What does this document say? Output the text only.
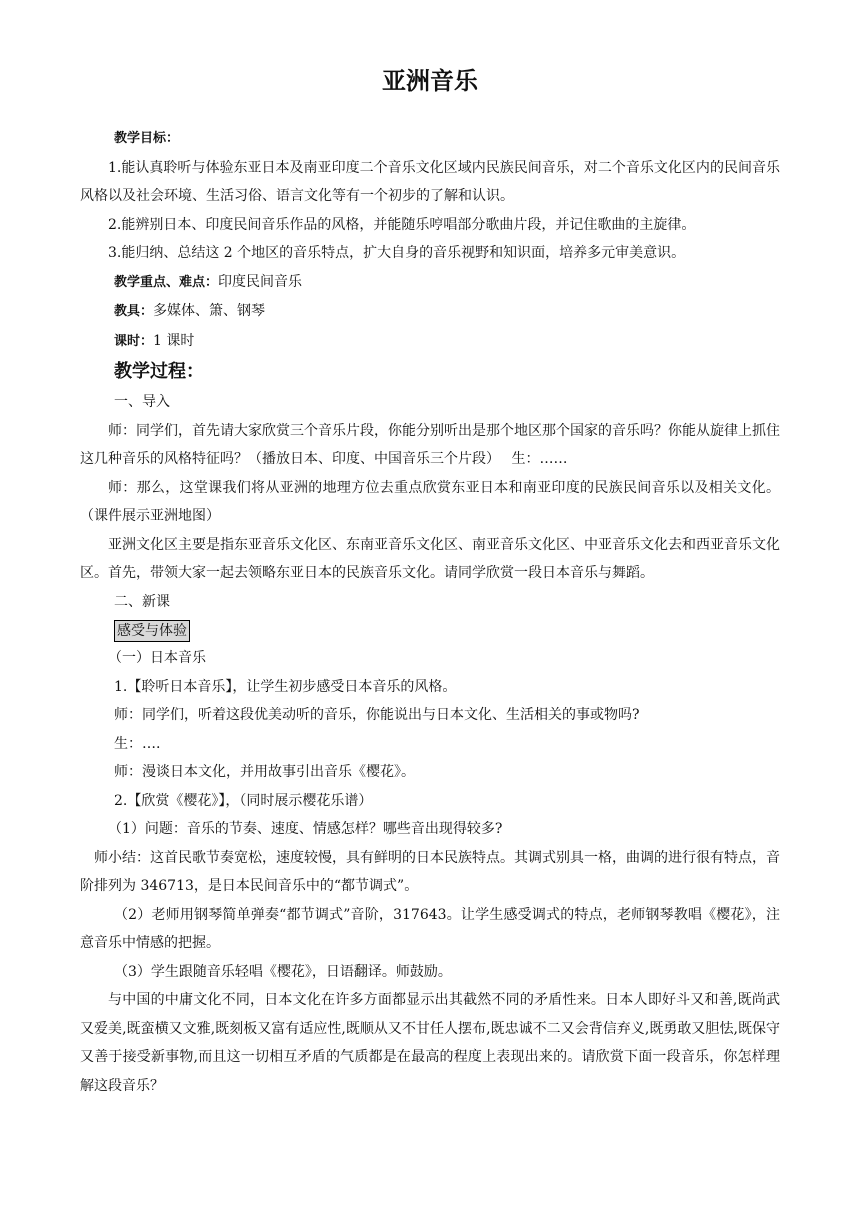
亚洲音乐

教学目标：

1.能认真聆听与体验东亚日本及南亚印度二个音乐文化区域内民族民间音乐，对二个音乐文化区内的民间音乐风格以及社会环境、生活习俗、语言文化等有一个初步的了解和认识。

2.能辨别日本、印度民间音乐作品的风格，并能随乐哼唱部分歌曲片段，并记住歌曲的主旋律。

3.能归纳、总结这 2 个地区的音乐特点，扩大自身的音乐视野和知识面，培养多元审美意识。

教学重点、难点：印度民间音乐

教具：多媒体、箫、钢琴

课时：1 课时

教学过程：

一、导入

师：同学们，首先请大家欣赏三个音乐片段，你能分别听出是那个地区那个国家的音乐吗？你能从旋律上抓住这几种音乐的风格特征吗？（播放日本、印度、中国音乐三个片段）　 生：……

师：那么，这堂课我们将从亚洲的地理方位去重点欣赏东亚日本和南亚印度的民族民间音乐以及相关文化。（课件展示亚洲地图）

亚洲文化区主要是指东亚音乐文化区、东南亚音乐文化区、南亚音乐文化区、中亚音乐文化去和西亚音乐文化区。首先，带领大家一起去领略东亚日本的民族音乐文化。请同学欣赏一段日本音乐与舞蹈。

二、新课

感受与体验

（一）日本音乐

1.【聆听日本音乐】，让学生初步感受日本音乐的风格。

师：同学们，听着这段优美动听的音乐，你能说出与日本文化、生活相关的事或物吗?

生：….

师：漫谈日本文化，并用故事引出音乐《樱花》。

2.【欣赏《樱花》】，（同时展示樱花乐谱）

（1）问题：音乐的节奏、速度、情感怎样？哪些音出现得较多?

师小结：这首民歌节奏宽松，速度较慢，具有鲜明的日本民族特点。其调式别具一格，曲调的进行很有特点，音阶排列为 346713，是日本民间音乐中的“都节调式”。

（2）老师用钢琴简单弹奏“都节调式”音阶，317643。让学生感受调式的特点，老师钢琴教唱《樱花》，注意音乐中情感的把握。

（3）学生跟随音乐轻唱《樱花》，日语翻译。师鼓励。

与中国的中庸文化不同，日本文化在许多方面都显示出其截然不同的矛盾性来。日本人即好斗又和善,既尚武又爱美,既蛮横又文雅,既刻板又富有适应性,既顺从又不甘任人摆布,既忠诚不二又会背信弃义,既勇敢又胆怯,既保守又善于接受新事物,而且这一切相互矛盾的气质都是在最高的程度上表现出来的。请欣赏下面一段音乐，你怎样理解这段音乐？
